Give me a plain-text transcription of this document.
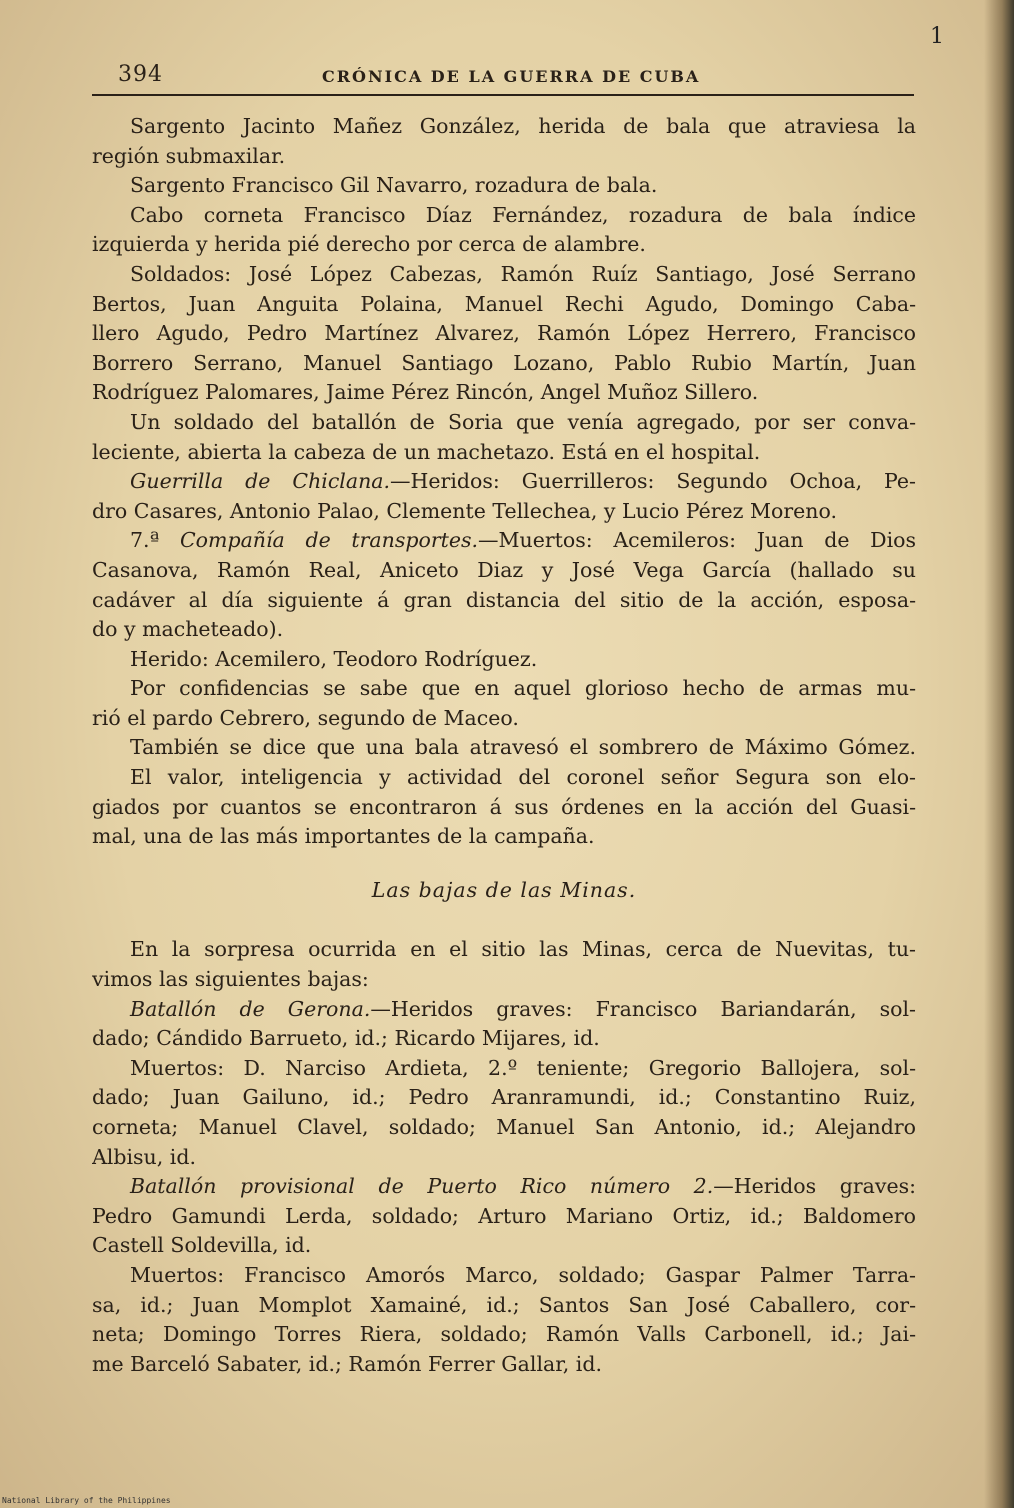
1
394	CRÓNICA DE LA GUERRA DE CUBA
Sargento Jacinto Mañez González, herida de bala que atraviesa la
región submaxilar.
Sargento Francisco Gil Navarro, rozadura de bala.
Cabo corneta Francisco Díaz Fernández, rozadura de bala índice
izquierda y herida pié derecho por cerca de alambre.
Soldados: José López Cabezas, Ramón Ruíz Santiago, José Serrano
Bertos, Juan Anguita Polaina, Manuel Rechi Agudo, Domingo Caba-
llero Agudo, Pedro Martínez Alvarez, Ramón López Herrero, Francisco
Borrero Serrano, Manuel Santiago Lozano, Pablo Rubio Martín, Juan
Rodríguez Palomares, Jaime Pérez Rincón, Angel Muñoz Sillero.
Un soldado del batallón de Soria que venía agregado, por ser conva-
leciente, abierta la cabeza de un machetazo. Está en el hospital.
Guerrilla de Chiclana.—Heridos: Guerrilleros: Segundo Ochoa, Pe-
dro Casares, Antonio Palao, Clemente Tellechea, y Lucio Pérez Moreno.
7.ª Compañía de transportes.—Muertos: Acemileros: Juan de Dios
Casanova, Ramón Real, Aniceto Diaz y José Vega García (hallado su
cadáver al día siguiente á gran distancia del sitio de la acción, esposa-
do y macheteado).
Herido: Acemilero, Teodoro Rodríguez.
Por confidencias se sabe que en aquel glorioso hecho de armas mu-
rió el pardo Cebrero, segundo de Maceo.
También se dice que una bala atravesó el sombrero de Máximo Gómez.
El valor, inteligencia y actividad del coronel señor Segura son elo-
giados por cuantos se encontraron á sus órdenes en la acción del Guasi-
mal, una de las más importantes de la campaña.
Las bajas de las Minas.
En la sorpresa ocurrida en el sitio las Minas, cerca de Nuevitas, tu-
vimos las siguientes bajas:
Batallón de Gerona.—Heridos graves: Francisco Bariandarán, sol-
dado; Cándido Barrueto, id.; Ricardo Mijares, id.
Muertos: D. Narciso Ardieta, 2.º teniente; Gregorio Ballojera, sol-
dado; Juan Gailuno, id.; Pedro Aranramundi, id.; Constantino Ruiz,
corneta; Manuel Clavel, soldado; Manuel San Antonio, id.; Alejandro
Albisu, id.
Batallón provisional de Puerto Rico número 2.—Heridos graves:
Pedro Gamundi Lerda, soldado; Arturo Mariano Ortiz, id.; Baldomero
Castell Soldevilla, id.
Muertos: Francisco Amorós Marco, soldado; Gaspar Palmer Tarra-
sa, id.; Juan Momplot Xamainé, id.; Santos San José Caballero, cor-
neta; Domingo Torres Riera, soldado; Ramón Valls Carbonell, id.; Jai-
me Barceló Sabater, id.; Ramón Ferrer Gallar, id.
National Library of the Philippines
